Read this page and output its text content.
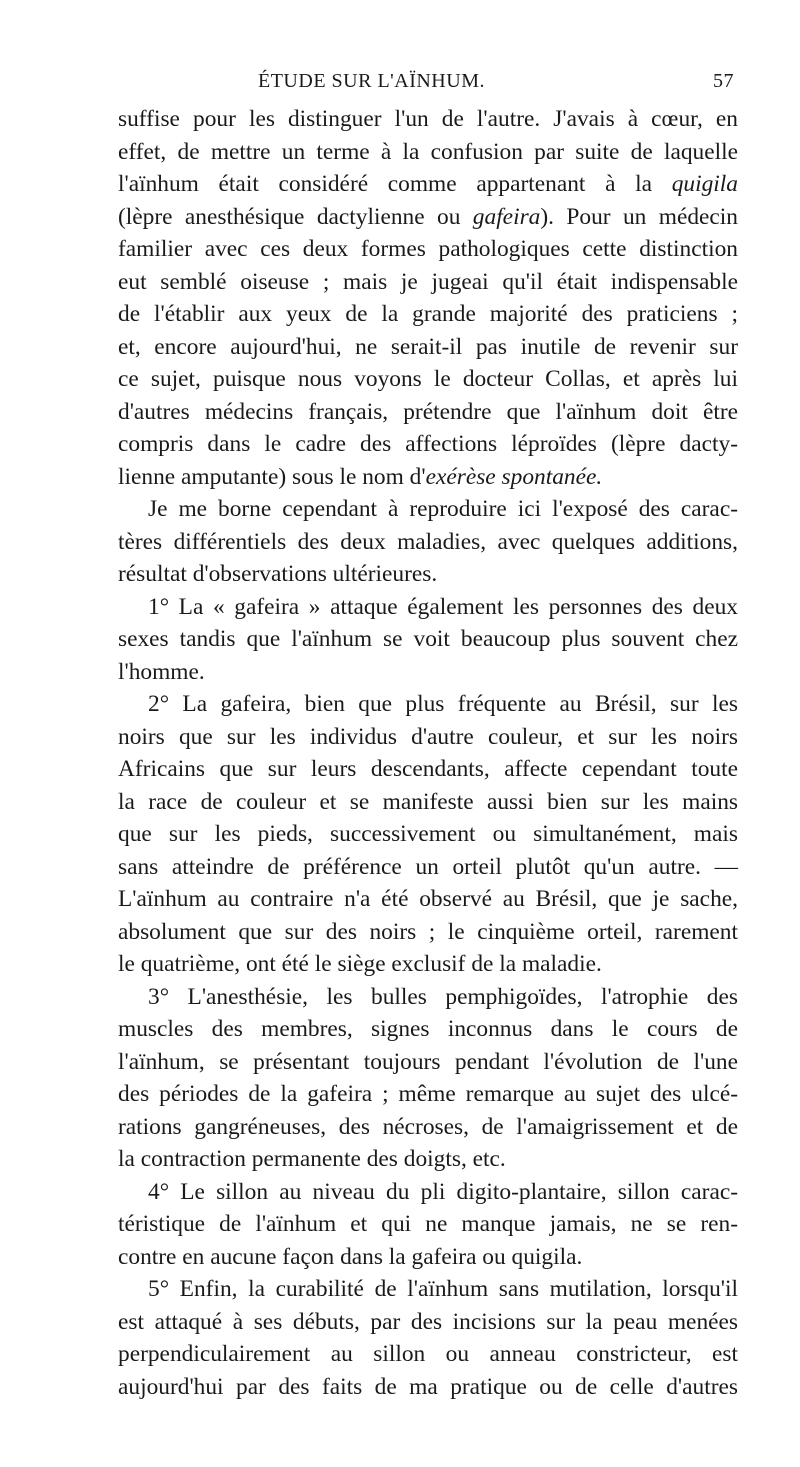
ÉTUDE SUR L'AÏNHUM.	57
suffise pour les distinguer l'un de l'autre. J'avais à cœur, en
effet, de mettre un terme à la confusion par suite de laquelle
l'aïnhum était considéré comme appartenant à la quigila
(lèpre anesthésique dactylienne ou gafeira). Pour un médecin
familier avec ces deux formes pathologiques cette distinction
eut semblé oiseuse ; mais je jugeai qu'il était indispensable
de l'établir aux yeux de la grande majorité des praticiens ;
et, encore aujourd'hui, ne serait-il pas inutile de revenir sur
ce sujet, puisque nous voyons le docteur Collas, et après lui
d'autres médecins français, prétendre que l'aïnhum doit être
compris dans le cadre des affections léproïdes (lèpre dacty-
lienne amputante) sous le nom d'exérèse spontanée.
Je me borne cependant à reproduire ici l'exposé des carac-
tères différentiels des deux maladies, avec quelques additions,
résultat d'observations ultérieures.
1° La « gafeira » attaque également les personnes des deux
sexes tandis que l'aïnhum se voit beaucoup plus souvent chez
l'homme.
2° La gafeira, bien que plus fréquente au Brésil, sur les
noirs que sur les individus d'autre couleur, et sur les noirs
Africains que sur leurs descendants, affecte cependant toute
la race de couleur et se manifeste aussi bien sur les mains
que sur les pieds, successivement ou simultanément, mais
sans atteindre de préférence un orteil plutôt qu'un autre. —
L'aïnhum au contraire n'a été observé au Brésil, que je sache,
absolument que sur des noirs ; le cinquième orteil, rarement
le quatrième, ont été le siège exclusif de la maladie.
3° L'anesthésie, les bulles pemphigoïdes, l'atrophie des
muscles des membres, signes inconnus dans le cours de
l'aïnhum, se présentant toujours pendant l'évolution de l'une
des périodes de la gafeira ; même remarque au sujet des ulcé-
rations gangréneuses, des nécroses, de l'amaigrissement et de
la contraction permanente des doigts, etc.
4° Le sillon au niveau du pli digito-plantaire, sillon carac-
téristique de l'aïnhum et qui ne manque jamais, ne se ren-
contre en aucune façon dans la gafeira ou quigila.
5° Enfin, la curabilité de l'aïnhum sans mutilation, lorsqu'il
est attaqué à ses débuts, par des incisions sur la peau menées
perpendiculairement au sillon ou anneau constricteur, est
aujourd'hui par des faits de ma pratique ou de celle d'autres
